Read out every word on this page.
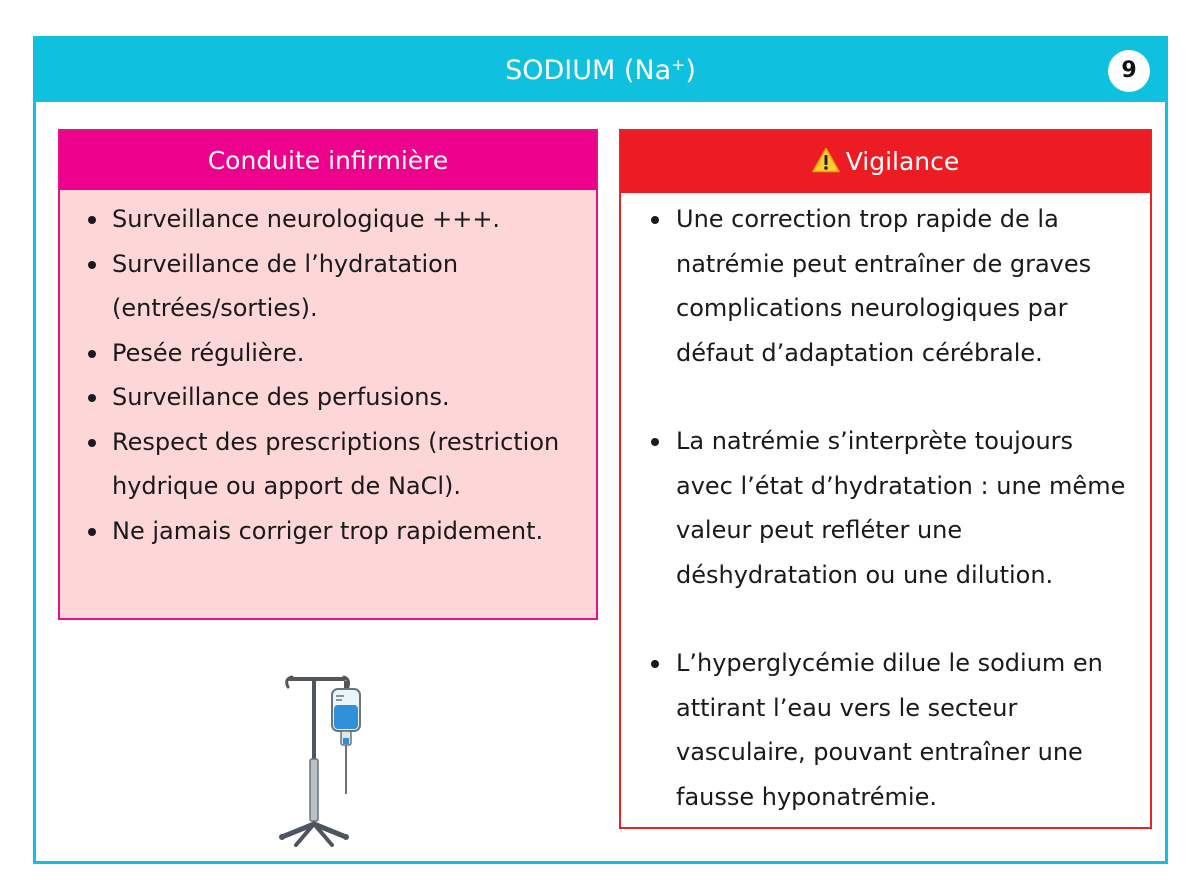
SODIUM (Na⁺)	9
Conduite infirmière
Surveillance neurologique +++.
Surveillance de l’hydratation (entrées/sorties).
Pesée régulière.
Surveillance des perfusions.
Respect des prescriptions (restriction hydrique ou apport de NaCl).
Ne jamais corriger trop rapidement.
Vigilance
Une correction trop rapide de la natrémie peut entraîner de graves complications neurologiques par défaut d’adaptation cérébrale.
La natrémie s’interprète toujours avec l’état d’hydratation : une même valeur peut refléter une déshydratation ou une dilution.
L’hyperglycémie dilue le sodium en attirant l’eau vers le secteur vasculaire, pouvant entraîner une fausse hyponatrémie.
